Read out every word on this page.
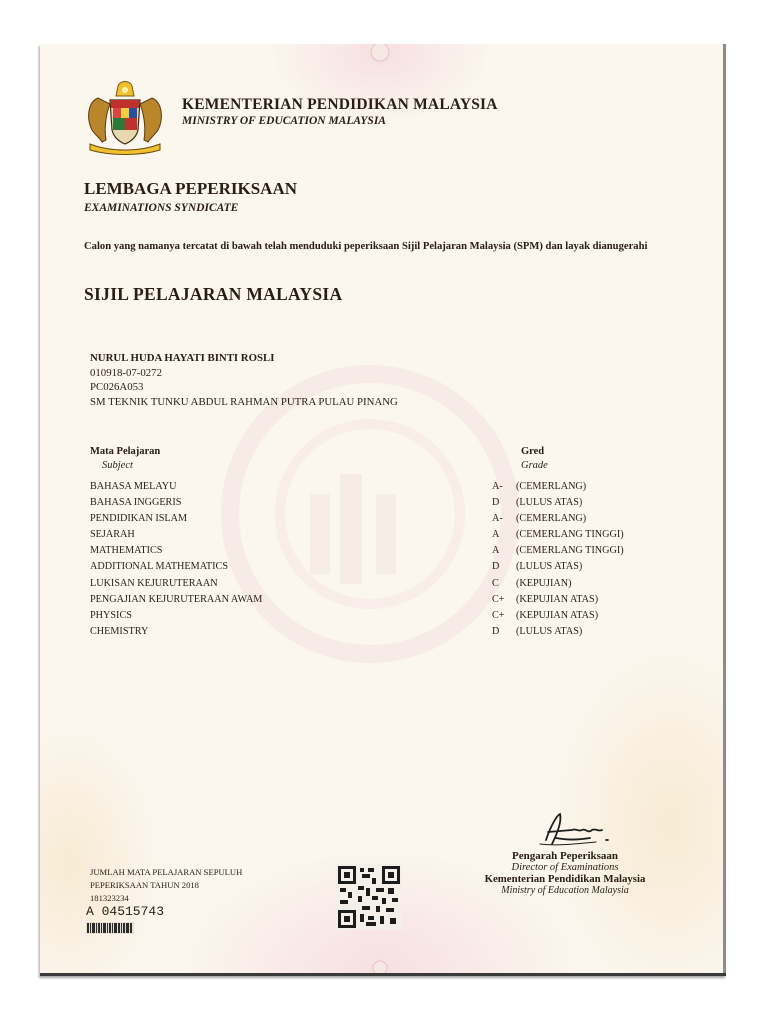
KEMENTERIAN PENDIDIKAN MALAYSIA
MINISTRY OF EDUCATION MALAYSIA
LEMBAGA PEPERIKSAAN
EXAMINATIONS SYNDICATE
Calon yang namanya tercatat di bawah telah menduduki peperiksaan Sijil Pelajaran Malaysia (SPM) dan layak dianugerahi
SIJIL PELAJARAN MALAYSIA
NURUL HUDA HAYATI BINTI ROSLI
010918-07-0272
PC026A053
SM TEKNIK TUNKU ABDUL RAHMAN PUTRA PULAU PINANG
Mata Pelajaran
Subject
Gred
Grade
BAHASA MELAYU
BAHASA INGGERIS
PENDIDIKAN ISLAM
SEJARAH
MATHEMATICS
ADDITIONAL MATHEMATICS
LUKISAN KEJURUTERAAN
PENGAJIAN KEJURUTERAAN AWAM
PHYSICS
CHEMISTRY
A- (CEMERLANG)
D (LULUS ATAS)
A- (CEMERLANG)
A (CEMERLANG TINGGI)
A (CEMERLANG TINGGI)
D (LULUS ATAS)
C (KEPUJIAN)
C+ (KEPUJIAN ATAS)
C+ (KEPUJIAN ATAS)
D (LULUS ATAS)
JUMLAH MATA PELAJARAN SEPULUH
PEPERIKSAAN TAHUN 2018
181323234
A 04515743
Pengarah Peperiksaan
Director of Examinations
Kementerian Pendidikan Malaysia
Ministry of Education Malaysia
